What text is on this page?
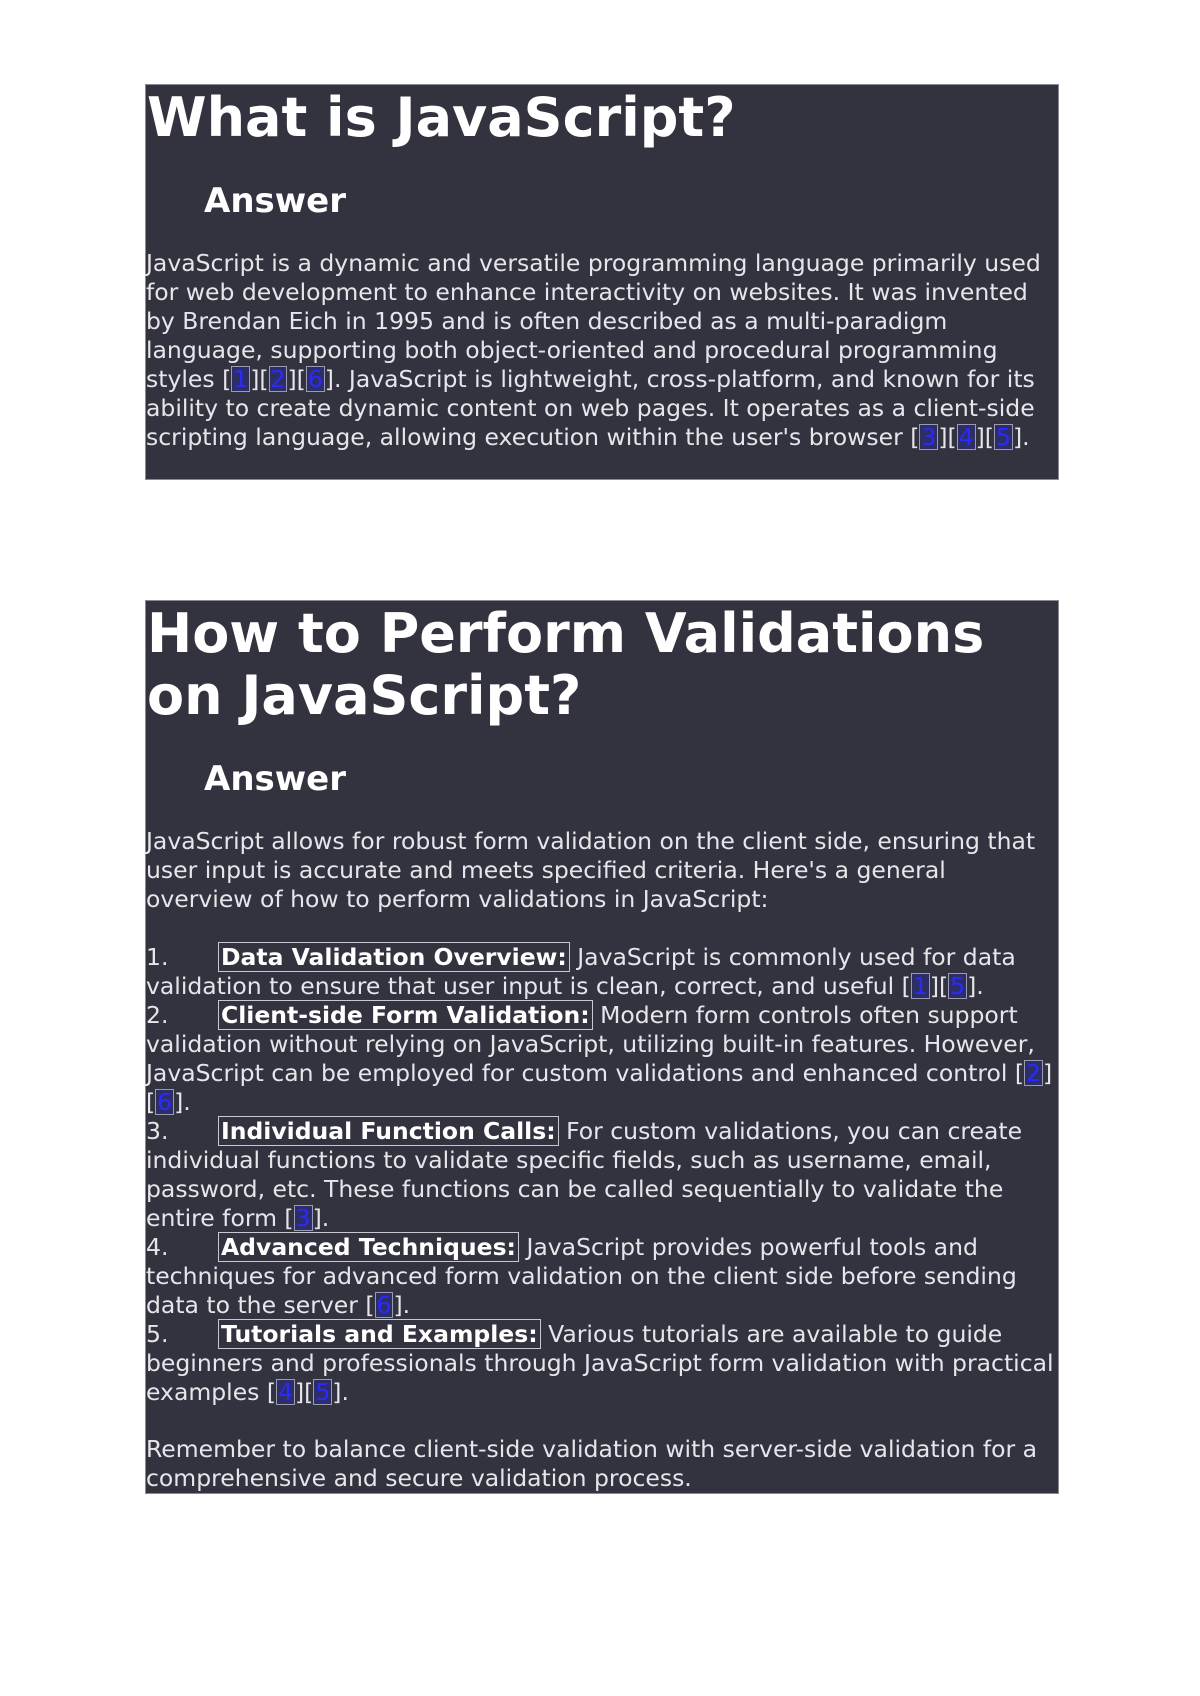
What is JavaScript?
Answer

JavaScript is a dynamic and versatile programming language primarily used for web development to enhance interactivity on websites. It was invented by Brendan Eich in 1995 and is often described as a multi-paradigm language, supporting both object-oriented and procedural programming styles [1][2][6]. JavaScript is lightweight, cross-platform, and known for its ability to create dynamic content on web pages. It operates as a client-side scripting language, allowing execution within the user's browser [3][4][5].

How to Perform Validations
on JavaScript?
Answer

JavaScript allows for robust form validation on the client side, ensuring that user input is accurate and meets specified criteria. Here's a general overview of how to perform validations in JavaScript:

1. Data Validation Overview: JavaScript is commonly used for data validation to ensure that user input is clean, correct, and useful [1][5].
2. Client-side Form Validation: Modern form controls often support validation without relying on JavaScript, utilizing built-in features. However, JavaScript can be employed for custom validations and enhanced control [2][6].
3. Individual Function Calls: For custom validations, you can create individual functions to validate specific fields, such as username, email, password, etc. These functions can be called sequentially to validate the entire form [3].
4. Advanced Techniques: JavaScript provides powerful tools and techniques for advanced form validation on the client side before sending data to the server [6].
5. Tutorials and Examples: Various tutorials are available to guide beginners and professionals through JavaScript form validation with practical examples [4][5].

Remember to balance client-side validation with server-side validation for a comprehensive and secure validation process.
